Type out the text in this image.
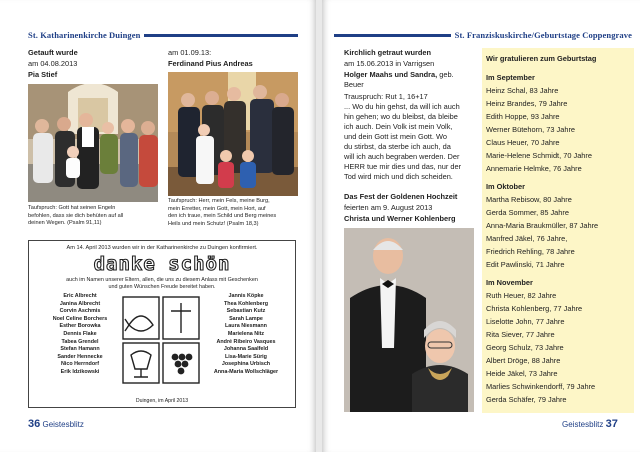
St. Katharinenkirche Duingen
Getauft wurde
am 04.08.2013
Pia Stief
Taufspruch: Gott hat seinen Engeln
befohlen, dass sie dich behüten auf all
deinen Wegen. (Psalm 91,11)
am 01.09.13:
Ferdinand Pius Andreas
Taufspruch: Herr, mein Fels, meine Burg,
mein Erretter, mein Gott, mein Hort, auf
den ich traue, mein Schild und Berg meines
Heils und mein Schutz! (Psalm 18,3)
Am 14. April 2013 wurden wir in der Katharinenkirche zu Duingen konfirmiert.
danke schön
auch im Namen unserer Eltern, allen, die uns zu diesem Anlass mit Geschenken
und guten Wünschen Freude bereitet haben.
Eric Albrecht
Janina Albrecht
Corvin Aschmis
Noel Celine Borchers
Esther Borowka
Dennis Flake
Tabea Grendel
Stefan Hamann
Sander Hennecke
Nico Herrndorf
Erik Idzikowski
Jannis Köpke
Thea Kohlenberg
Sebastian Kutz
Sarah Lampe
Laura Niesmann
Marielena Nitz
André Ribeiro Vasques
Johanna Saalfeld
Lisa-Marie Sürig
Josephina Urbisch
Anna-Maria Wollschläger
Duingen, im April 2013
36 Geistesblitz
St. Franziskuskirche/Geburtstage Coppengrave
Kirchlich getraut wurden
am 15.06.2013 in Varrigsen
Holger Maahs und Sandra, geb.
Beuer
Trauspruch: Rut 1, 16+17
... Wo du hin gehst, da will ich auch
hin gehen; wo du bleibst, da bleibe
ich auch. Dein Volk ist mein Volk,
und dein Gott ist mein Gott. Wo
du stirbst, da sterbe ich auch, da
will ich auch begraben werden. Der
HERR tue mir dies und das, nur der
Tod wird mich und dich scheiden.
Das Fest der Goldenen Hochzeit
feierten am 9. August 2013
Christa und Werner Kohlenberg
Wir gratulieren zum Geburtstag
Im September
Heinz Schal, 83 Jahre
Heinz Brandes, 79 Jahre
Edith Hoppe, 93 Jahre
Werner Bütehorn, 73 Jahre
Claus Heuer, 70 Jahre
Marie-Helene Schmidt, 70 Jahre
Annemarie Helmke, 76 Jahre
Im Oktober
Martha Rebisow, 80 Jahre
Gerda Sommer, 85 Jahre
Anna-Maria Braukmüller, 87 Jahre
Manfred Jäkel, 76 Jahre,
Friedrich Rehling, 78 Jahre
Edit Pawlinski, 71 Jahre
Im November
Ruth Heuer, 82 Jahre
Christa Kohlenberg, 77 Jahre
Liselotte John, 77 Jahre
Rita Siever, 77 Jahre
Georg Schulz, 73 Jahre
Albert Dröge, 88 Jahre
Heide Jäkel, 73 Jahre
Marlies Schwinkendorff, 79 Jahre
Gerda Schäfer, 79 Jahre
Geistesblitz 37
